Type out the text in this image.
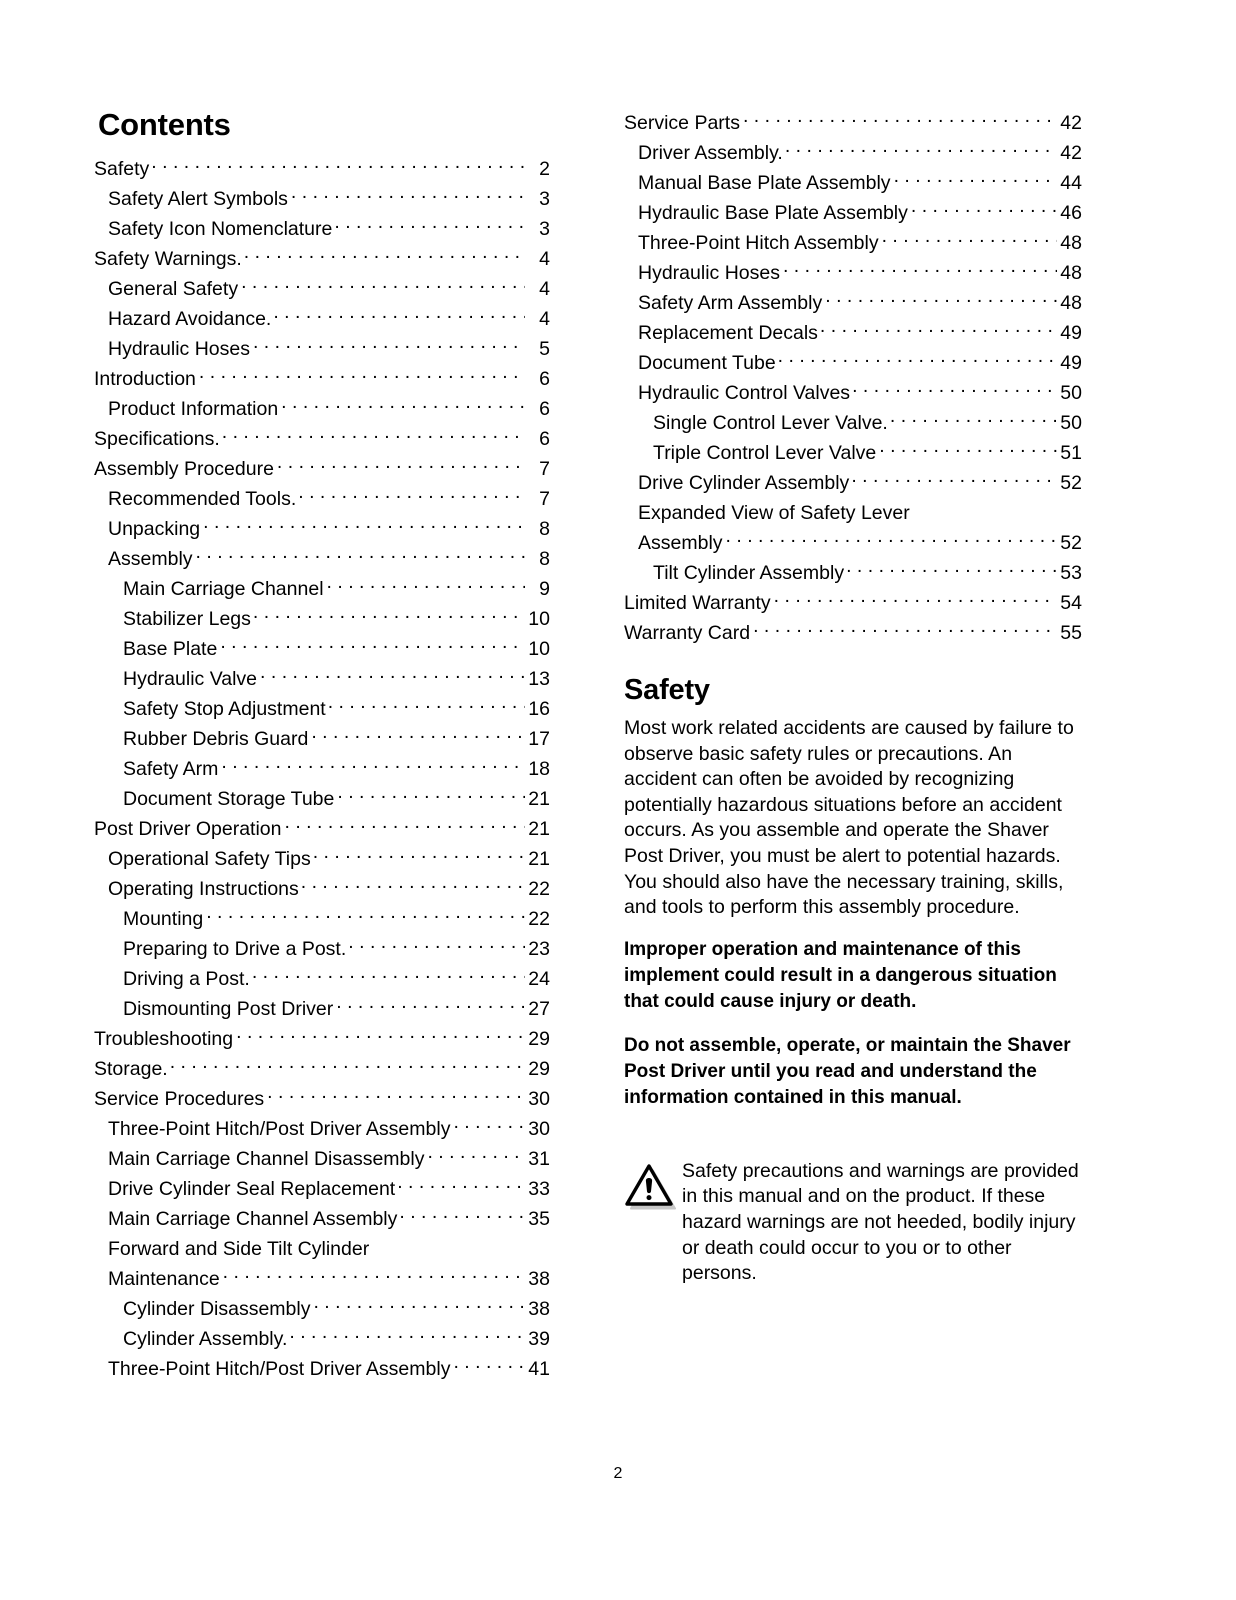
Contents
Safety . . .	2
Safety Alert Symbols . . .	3
Safety Icon Nomenclature . . .	3
Safety Warnings. . . .	4
General Safety . . .	4
Hazard Avoidance. . . .	4
Hydraulic Hoses . . .	5
Introduction . . .	6
Product Information . . .	6
Specifications. . . .	6
Assembly Procedure . . .	7
Recommended Tools. . . .	7
Unpacking . . .	8
Assembly . . .	8
Main Carriage Channel . . .	9
Stabilizer Legs . . .	10
Base Plate . . .	10
Hydraulic Valve . . .	13
Safety Stop Adjustment . . .	16
Rubber Debris Guard . . .	17
Safety Arm . . .	18
Document Storage Tube . . .	21
Post Driver Operation . . .	21
Operational Safety Tips . . .	21
Operating Instructions . . .	22
Mounting . . .	22
Preparing to Drive a Post. . . .	23
Driving a Post. . . .	24
Dismounting Post Driver . . .	27
Troubleshooting . . .	29
Storage. . . .	29
Service Procedures . . .	30
Three-Point Hitch/Post Driver Assembly . . .	30
Main Carriage Channel Disassembly . . .	31
Drive Cylinder Seal Replacement . . .	33
Main Carriage Channel Assembly . . .	35
Forward and Side Tilt Cylinder
Maintenance . . .	38
Cylinder Disassembly . . .	38
Cylinder Assembly. . . .	39
Three-Point Hitch/Post Driver Assembly . . .	41
Service Parts . . .	42
Driver Assembly. . . .	42
Manual Base Plate Assembly . . .	44
Hydraulic Base Plate Assembly . . .	46
Three-Point Hitch Assembly . . .	48
Hydraulic Hoses . . .	48
Safety Arm Assembly . . .	48
Replacement Decals . . .	49
Document Tube . . .	49
Hydraulic Control Valves . . .	50
Single Control Lever Valve. . . .	50
Triple Control Lever Valve . . .	51
Drive Cylinder Assembly . . .	52
Expanded View of Safety Lever
Assembly . . .	52
Tilt Cylinder Assembly . . .	53
Limited Warranty . . .	54
Warranty Card . . .	55
Safety

Most work related accidents are caused by failure to observe basic safety rules or precautions. An accident can often be avoided by recognizing potentially hazardous situations before an accident occurs. As you assemble and operate the Shaver Post Driver, you must be alert to potential hazards. You should also have the necessary training, skills, and tools to perform this assembly procedure.

Improper operation and maintenance of this implement could result in a dangerous situation that could cause injury or death.

Do not assemble, operate, or maintain the Shaver Post Driver until you read and understand the information contained in this manual.

Safety precautions and warnings are provided in this manual and on the product. If these hazard warnings are not heeded, bodily injury or death could occur to you or to other persons.
2
